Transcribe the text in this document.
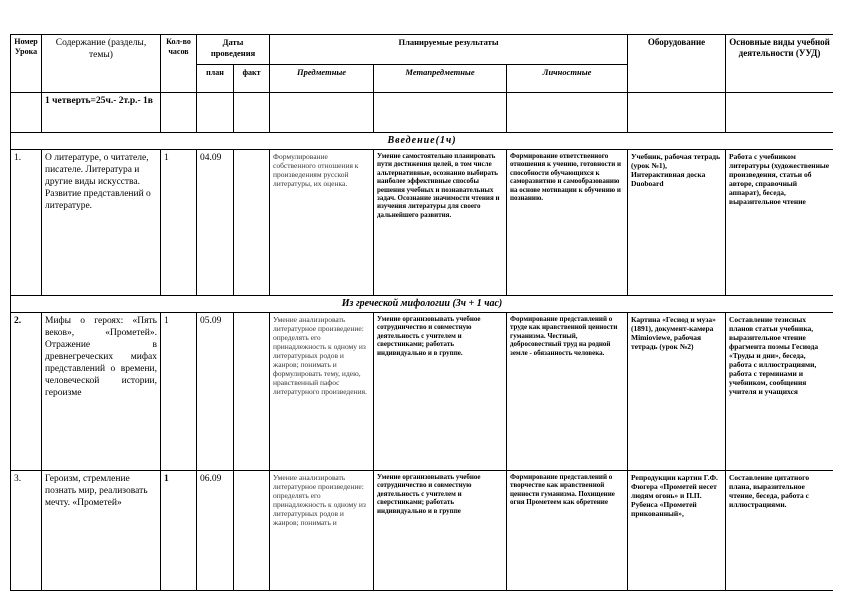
Номер Урока	Содержание (разделы, темы)	Кол-во часов	Даты проведения		Планируемые результаты			Оборудование	Основные виды учебной деятельности (УУД)
			план	факт	Предметные	Метапредметные	Личностные		
	1 четверть=25ч.- 2т.р.- 1в								
Введение(1ч)									
1.	О литературе, о читателе, писателе. Литература и другие виды искусства. Развитие представлений о литературе.	1	04.09		Формулирование собственного отношения к произведениям русской литературы, их оценка.	Умение самостоятельно планировать пути достижения целей, в том числе альтернативные, осознанно выбирать наиболее эффективные способы решения учебных и познавательных задач. Осознание значимости чтения и изучения литературы для своего дальнейшего развития.	Формирование ответственного отношения к учению, готовности и способности обучающихся к саморазвитию и самообразованию на основе мотивации к обучению и познанию.	Учебник, рабочая тетрадь (урок №1), Интерактивная доска Duoboard	Работа с учебником литературы (художественные произведения, статьи об авторе, справочный аппарат), беседа, выразительное чтение
Из греческой мифологии (3ч + 1 час)									
2.	Мифы о героях: «Пять веков», «Прометей». Отражение в древнегреческих мифах представлений о времени, человеческой истории, героизме	1	05.09		Умение анализировать литературное произведение: определять его принадлежность к одному из литературных родов и жанров; понимать и формулировать тему, идею, нравственный пафос литературного произведения.	Умение организовывать учебное сотрудничество и совместную деятельность с учителем и сверстниками; работать индивидуально и в группе.	Формирование представлений о труде как нравственной ценности гуманизма. Честный, добросовестный труд на родной земле - обязанность человека.	Картина «Гесиод и муза» (1891), документ-камера Mimioviewe, рабочая тетрадь (урок №2)	Составление тезисных планов статьи учебника, выразительное чтение фрагмента поэмы Гесиода «Труды и дни», беседа, работа с иллюстрациями, работа с терминами и учебником, сообщения учителя и учащихся
3.	Героизм, стремление познать мир, реализовать мечту. «Прометей»	1	06.09		Умение анализировать литературное произведение: определять его принадлежность к одному из литературных родов и жанров; понимать и	Умение организовывать учебное сотрудничество и совместную деятельность с учителем и сверстниками; работать индивидуально и в группе	Формирование представлений о творчестве как нравственной ценности гуманизма. Похищение огня Прометеем как обретение	Репродукции картин Г.Ф. Фюгера «Прометей несет людям огонь» и П.П. Рубенса «Прометей прикованный»,	Составление цитатного плана, выразительное чтение, беседа, работа с иллюстрациями.
